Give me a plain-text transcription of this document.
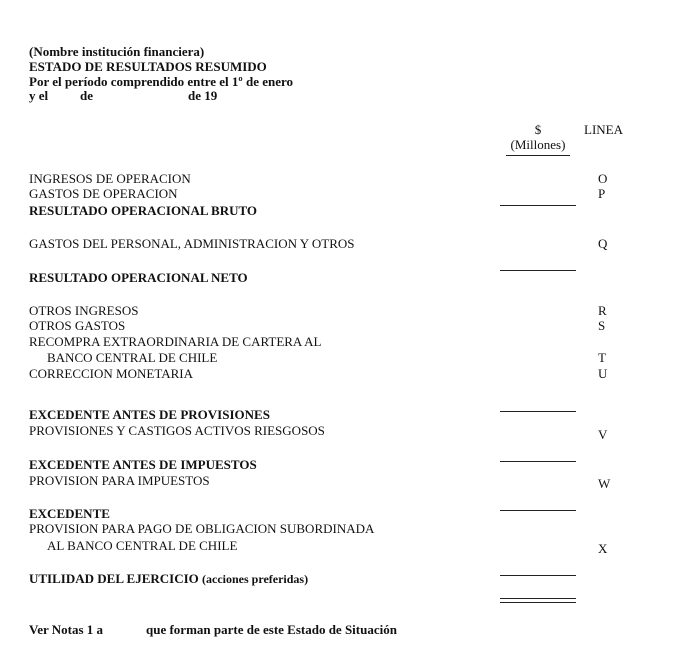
(Nombre institución financiera)
ESTADO DE RESULTADOS RESUMIDO
Por el período comprendido entre el 1º de enero
y el de	de 19
$
(Millones)
LINEA
INGRESOS DE OPERACION	O
GASTOS DE OPERACION	P
RESULTADO OPERACIONAL BRUTO
GASTOS DEL PERSONAL, ADMINISTRACION Y OTROS	Q
RESULTADO OPERACIONAL NETO
OTROS INGRESOS	R
OTROS GASTOS	S
RECOMPRA EXTRAORDINARIA DE CARTERA AL
BANCO CENTRAL DE CHILE	T
CORRECCION MONETARIA	U
EXCEDENTE ANTES DE PROVISIONES
PROVISIONES Y CASTIGOS ACTIVOS RIESGOSOS	V
EXCEDENTE ANTES DE IMPUESTOS
PROVISION PARA IMPUESTOS	W
EXCEDENTE
PROVISION PARA PAGO DE OBLIGACION SUBORDINADA
AL BANCO CENTRAL DE CHILE	X
UTILIDAD DEL EJERCICIO (acciones preferidas)
Ver Notas 1 a	que forman parte de este Estado de Situación
